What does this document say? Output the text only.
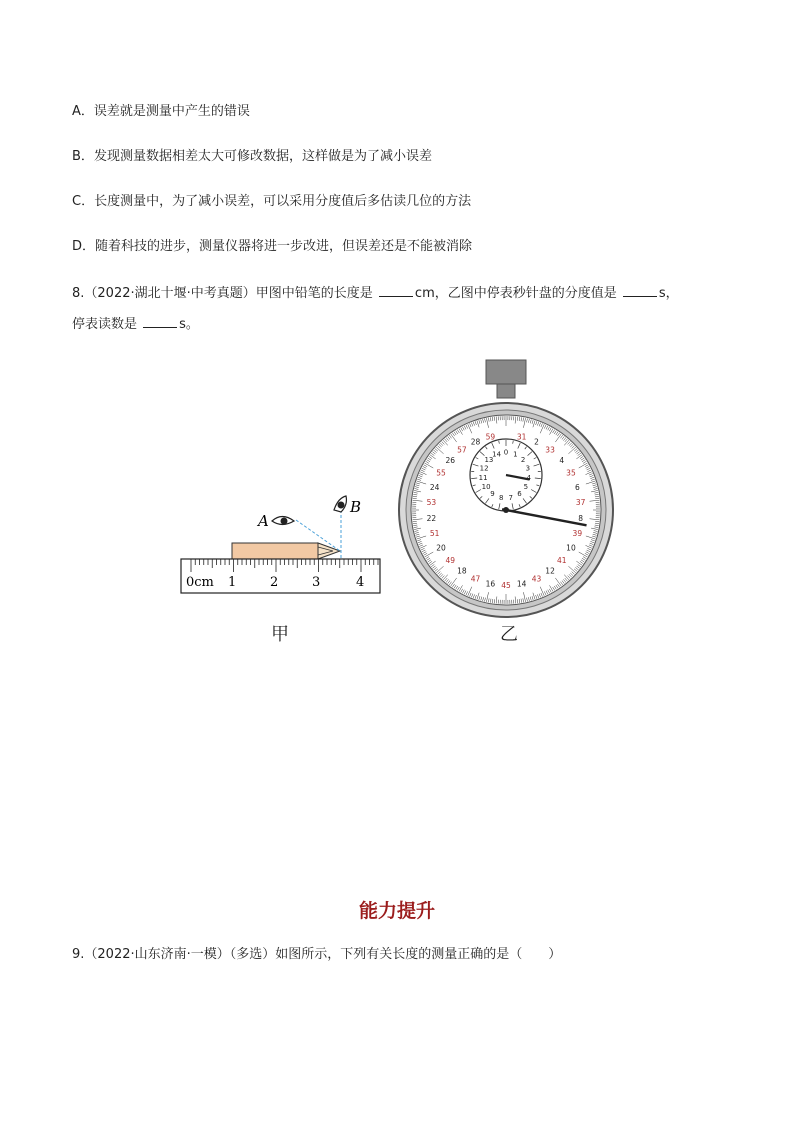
A．误差就是测量中产生的错误

B．发现测量数据相差太大可修改数据，这样做是为了减小误差

C．长度测量中，为了减小误差，可以采用分度值后多估读几位的方法

D．随着科技的进步，测量仪器将进一步改进，但误差还是不能被消除

8.（2022·湖北十堰·中考真题）甲图中铅笔的长度是	cm，乙图中停表秒针盘的分度值是	s，

停表读数是	s。

0cm 1	2	3	4
A
B
甲
2
4
6
8
10
12
14
16
18
20
22
24
26
28
31
33
35
37
39
41
43
45
47
49
51
53
55
57
59
0 1
2
3
4
5
6
7
8
9
10
11
12
13
14
乙
能力提升

9.（2022·山东济南·一模）（多选）如图所示，下列有关长度的测量正确的是（　　）
